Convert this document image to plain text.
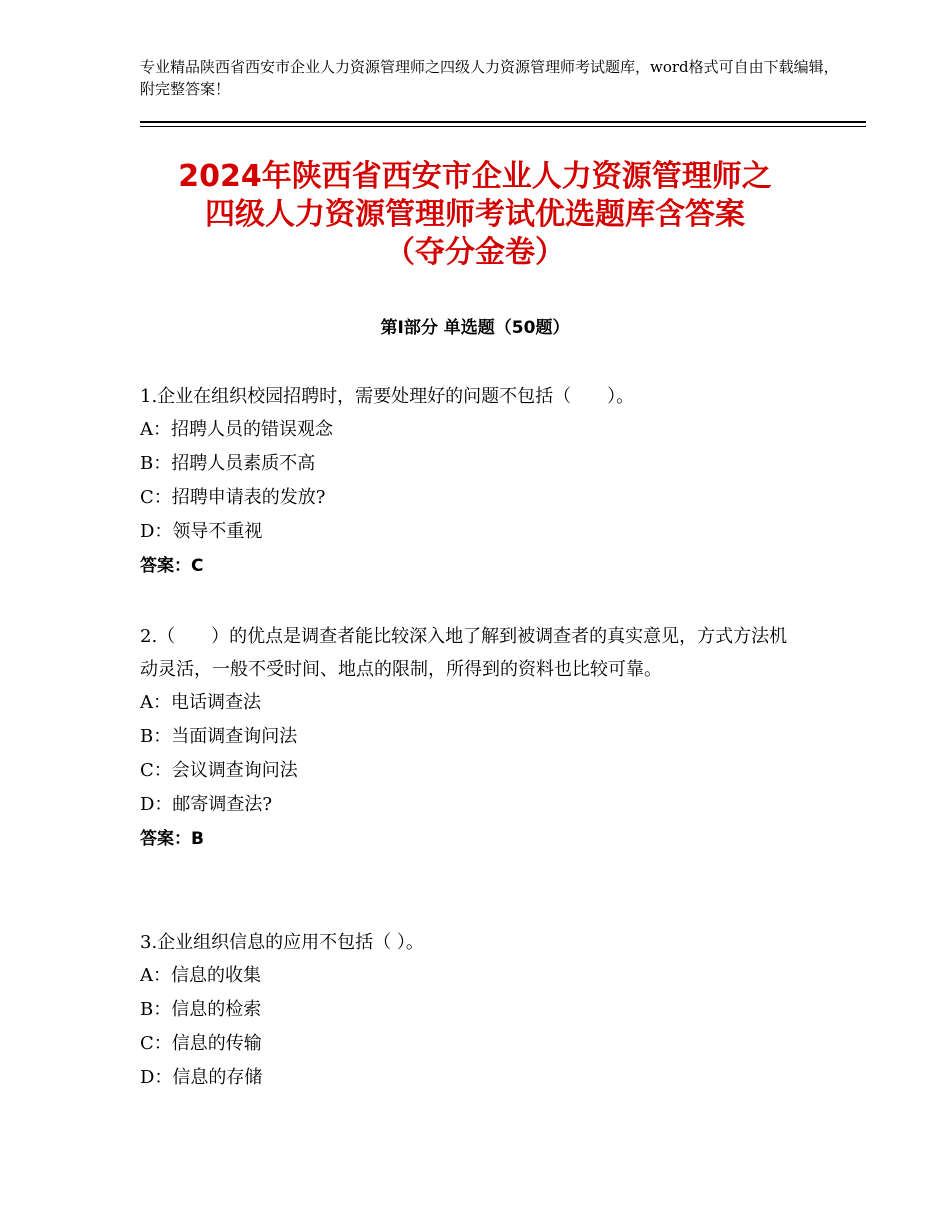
专业精品陕西省西安市企业人力资源管理师之四级人力资源管理师考试题库，word格式可自由下载编辑，附完整答案！
2024年陕西省西安市企业人力资源管理师之
四级人力资源管理师考试优选题库含答案
（夺分金卷）
第Ⅰ部分 单选题（50题）

1.企业在组织校园招聘时，需要处理好的问题不包括（　　）。

A：招聘人员的错误观念

B：招聘人员素质不高

C：招聘申请表的发放?

D：领导不重视

答案：C

2.（　　）的优点是调查者能比较深入地了解到被调查者的真实意见，方式方法机动灵活，一般不受时间、地点的限制，所得到的资料也比较可靠。

A：电话调查法

B：当面调查询问法

C：会议调查询问法

D：邮寄调查法?

答案：B

3.企业组织信息的应用不包括（ ）。

A：信息的收集

B：信息的检索

C：信息的传输

D：信息的存储
